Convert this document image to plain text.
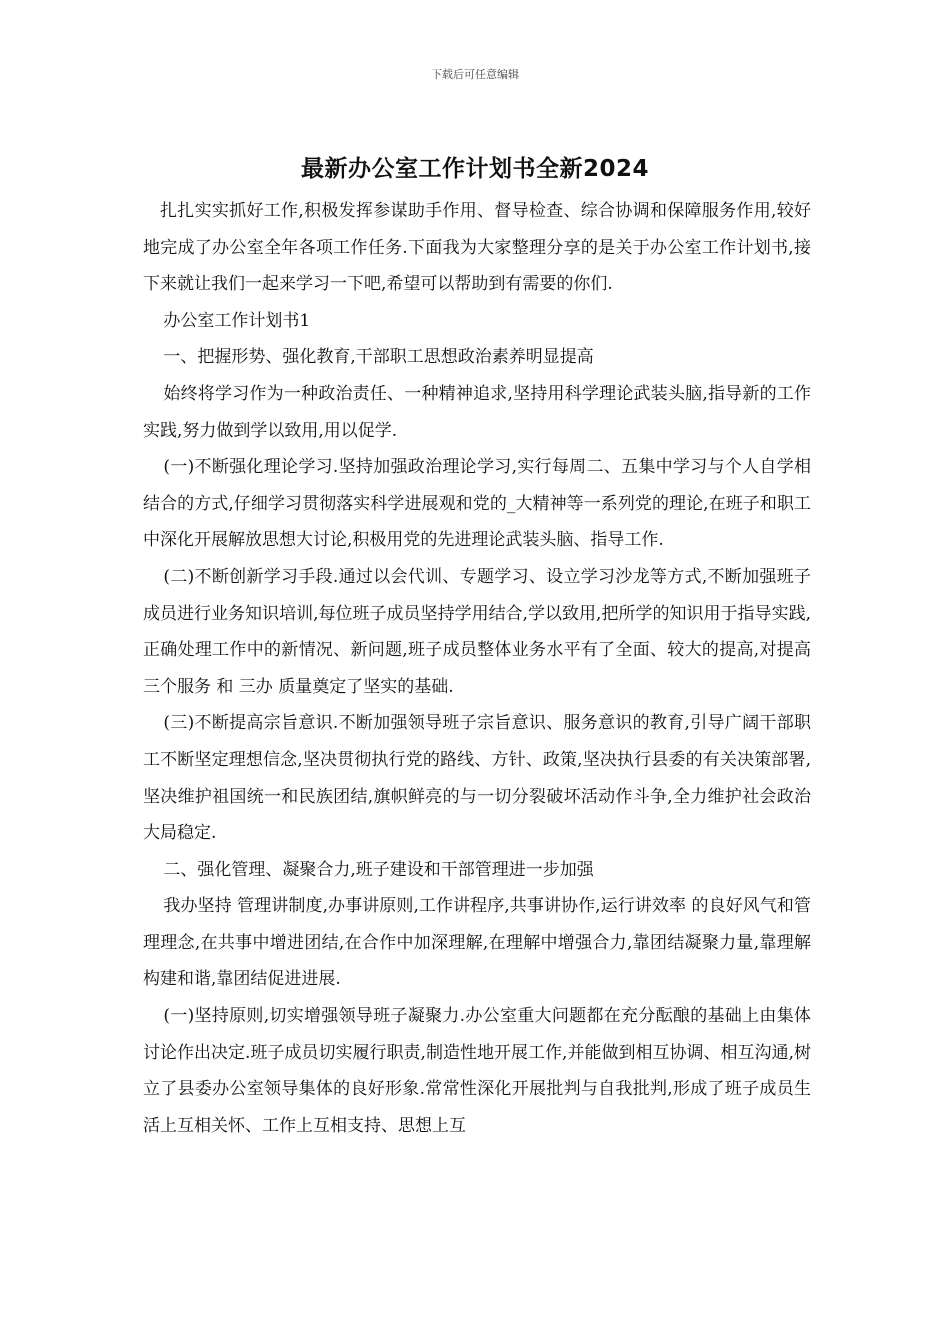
下载后可任意编辑
最新办公室工作计划书全新2024

扎扎实实抓好工作,积极发挥参谋助手作用、督导检查、综合协调和保障服务作用,较好地完成了办公室全年各项工作任务.下面我为大家整理分享的是关于办公室工作计划书,接下来就让我们一起来学习一下吧,希望可以帮助到有需要的你们.

办公室工作计划书1

一、把握形势、强化教育,干部职工思想政治素养明显提高

始终将学习作为一种政治责任、一种精神追求,坚持用科学理论武装头脑,指导新的工作实践,努力做到学以致用,用以促学.

(一)不断强化理论学习.坚持加强政治理论学习,实行每周二、五集中学习与个人自学相结合的方式,仔细学习贯彻落实科学进展观和党的_大精神等一系列党的理论,在班子和职工中深化开展解放思想大讨论,积极用党的先进理论武装头脑、指导工作.

(二)不断创新学习手段.通过以会代训、专题学习、设立学习沙龙等方式,不断加强班子成员进行业务知识培训,每位班子成员坚持学用结合,学以致用,把所学的知识用于指导实践,正确处理工作中的新情况、新问题,班子成员整体业务水平有了全面、较大的提高,对提高 三个服务 和 三办 质量奠定了坚实的基础.

(三)不断提高宗旨意识.不断加强领导班子宗旨意识、服务意识的教育,引导广阔干部职工不断坚定理想信念,坚决贯彻执行党的路线、方针、政策,坚决执行县委的有关决策部署,坚决维护祖国统一和民族团结,旗帜鲜亮的与一切分裂破坏活动作斗争,全力维护社会政治大局稳定.

二、强化管理、凝聚合力,班子建设和干部管理进一步加强

我办坚持 管理讲制度,办事讲原则,工作讲程序,共事讲协作,运行讲效率 的良好风气和管理理念,在共事中增进团结,在合作中加深理解,在理解中增强合力,靠团结凝聚力量,靠理解构建和谐,靠团结促进进展.

(一)坚持原则,切实增强领导班子凝聚力.办公室重大问题都在充分酝酿的基础上由集体讨论作出决定.班子成员切实履行职责,制造性地开展工作,并能做到相互协调、相互沟通,树立了县委办公室领导集体的良好形象.常常性深化开展批判与自我批判,形成了班子成员生活上互相关怀、工作上互相支持、思想上互
